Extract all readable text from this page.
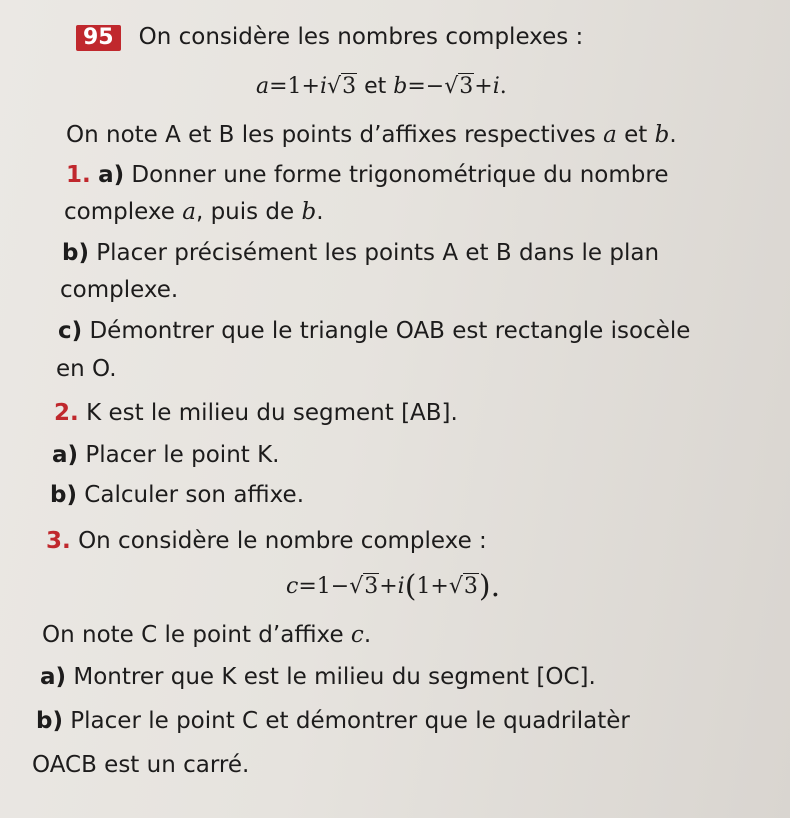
95 On considère les nombres complexes :
a=1+i√3 et b=−√3+i.
On note A et B les points d’affixes respectives a et b.
1. a) Donner une forme trigonométrique du nombre
complexe a, puis de b.
b) Placer précisément les points A et B dans le plan
complexe.
c) Démontrer que le triangle OAB est rectangle isocèle
en O.
2. K est le milieu du segment [AB].
a) Placer le point K.
b) Calculer son affixe.
3. On considère le nombre complexe :
c=1−√3+i(1+√3).
On note C le point d’affixe c.
a) Montrer que K est le milieu du segment [OC].
b) Placer le point C et démontrer que le quadrilatèr
OACB est un carré.
